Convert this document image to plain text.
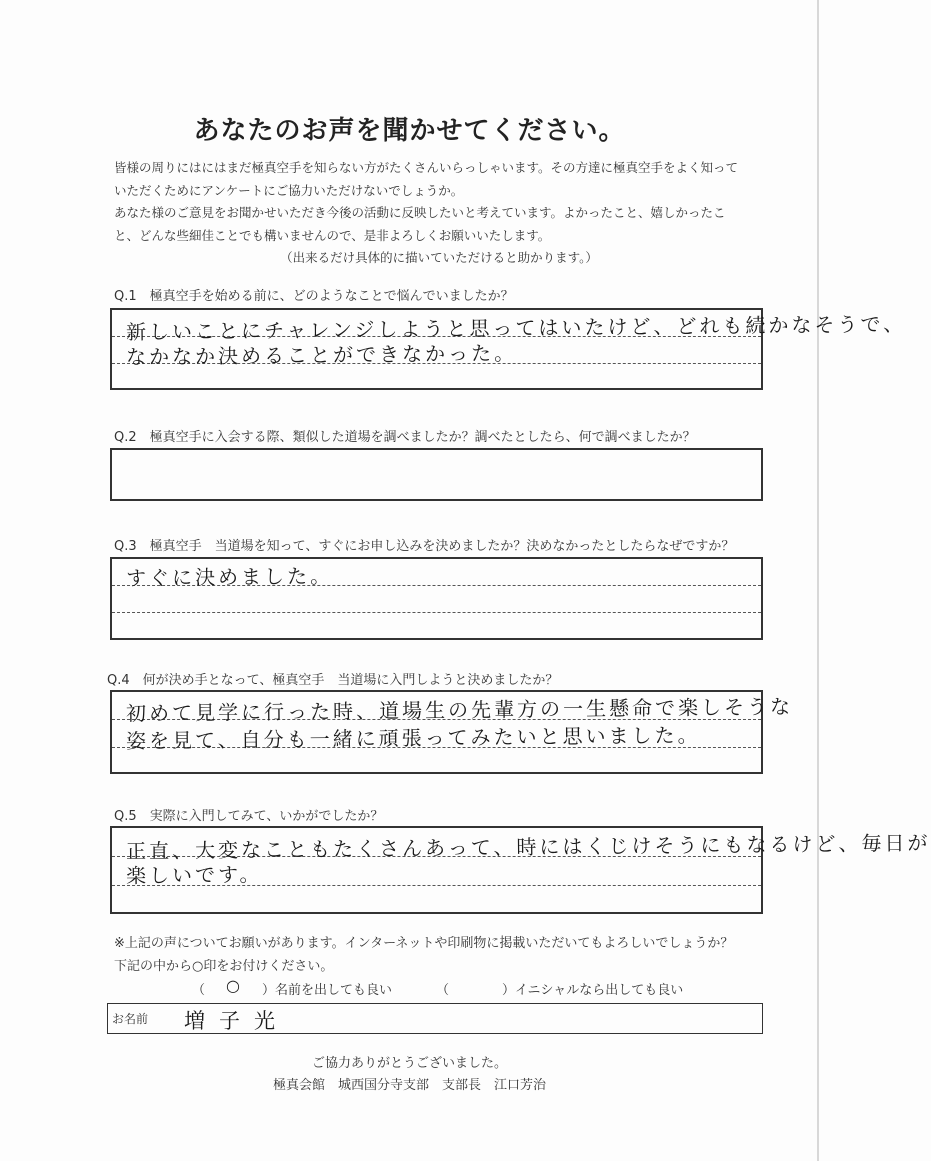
あなたのお声を聞かせてください。

皆様の周りにはにはまだ極真空手を知らない方がたくさんいらっしゃいます。その方達に極真空手をよく知って

いただくためにアンケートにご協力いただけないでしょうか。

あなた様のご意見をお聞かせいただき今後の活動に反映したいと考えています。よかったこと、嬉しかったこ

と、どんな些細佳ことでも構いませんので、是非よろしくお願いいたします。

（出来るだけ具体的に描いていただけると助かります。）

Q.1　極真空手を始める前に、どのようなことで悩んでいましたか？
新しいことにチャレンジしようと思ってはいたけど、どれも続かなそうで、
なかなか決めることができなかった。
Q.2　極真空手に入会する際、類似した道場を調べましたか？調べたとしたら、何で調べましたか？
Q.3　極真空手　当道場を知って、すぐにお申し込みを決めましたか？決めなかったとしたらなぜですか？
すぐに決めました。
Q.4　何が決め手となって、極真空手　当道場に入門しようと決めましたか？
初めて見学に行った時、道場生の先輩方の一生懸命で楽しそうな
姿を見て、自分も一緒に頑張ってみたいと思いました。
Q.5　実際に入門してみて、いかがでしたか？
正直、大変なこともたくさんあって、時にはくじけそうにもなるけど、毎日が
楽しいです。
※上記の声についてお願いがあります。インターネットや印刷物に掲載いただいてもよろしいでしょうか？
下記の中から○印をお付けください。
（ ○ ）名前を出しても良い	（	）イニシャルなら出しても良い
お名前 増子光
ご協力ありがとうございました。
極真会館　城西国分寺支部　支部長　江口芳治
